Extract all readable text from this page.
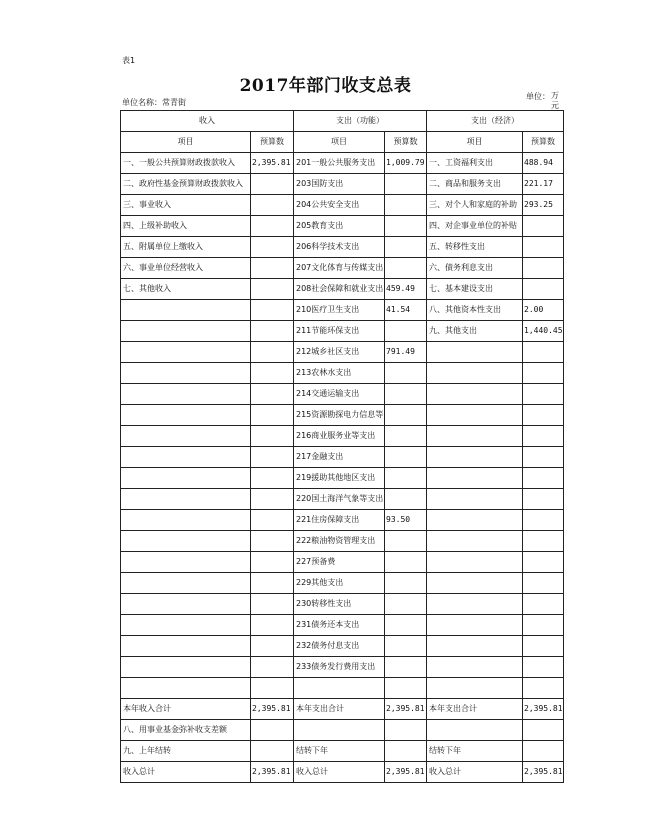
表1
2017年部门收支总表
单位名称：常青街
单位： 万元
收入		支出（功能）		支出（经济）	
项目	预算数	项目	预算数	项目	预算数
一、一般公共预算财政拨款收入	2,395.81	201一般公共服务支出	1,009.79	一、工资福利支出	488.94
二、政府性基金预算财政拨款收入		203国防支出		二、商品和服务支出	221.17
三、事业收入		204公共安全支出		三、对个人和家庭的补助	293.25
四、上级补助收入		205教育支出		四、对企事业单位的补贴	
五、附属单位上缴收入		206科学技术支出		五、转移性支出	
六、事业单位经营收入		207文化体育与传媒支出		六、债务利息支出	
七、其他收入		208社会保障和就业支出	459.49	七、基本建设支出	
		210医疗卫生支出	41.54	八、其他资本性支出	2.00
		211节能环保支出		九、其他支出	1,440.45
		212城乡社区支出	791.49		
		213农林水支出			
		214交通运输支出			
		215资源勘探电力信息等			
		216商业服务业等支出			
		217金融支出			
		219援助其他地区支出			
		220国土海洋气象等支出			
		221住房保障支出	93.50		
		222粮油物资管理支出			
		227预备费			
		229其他支出			
		230转移性支出			
		231债务还本支出			
		232债务付息支出			
		233债务发行费用支出			

本年收入合计	2,395.81	本年支出合计	2,395.81	本年支出合计	2,395.81
八、用事业基金弥补收支差额					
九、上年结转		结转下年		结转下年	
收入总计	2,395.81	收入总计	2,395.81	收入总计	2,395.81
